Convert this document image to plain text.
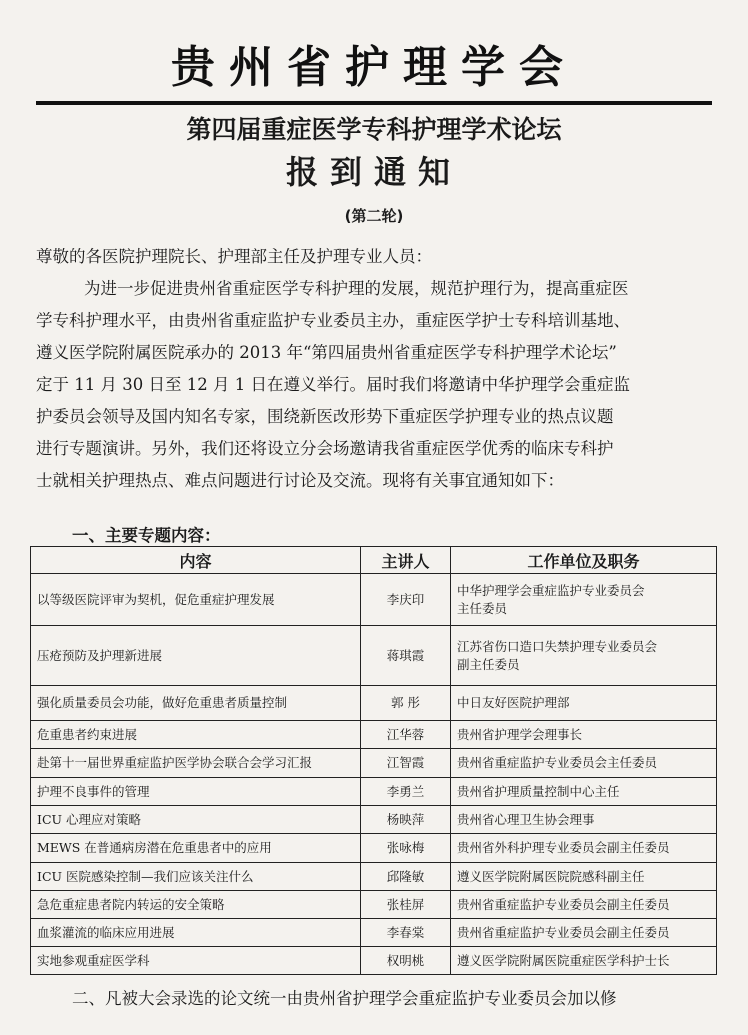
贵州省护理学会
第四届重症医学专科护理学术论坛
报到通知
(第二轮)
尊敬的各医院护理院长、护理部主任及护理专业人员：
为进一步促进贵州省重症医学专科护理的发展，规范护理行为，提高重症医
学专科护理水平，由贵州省重症监护专业委员主办，重症医学护士专科培训基地、
遵义医学院附属医院承办的 2013 年“第四届贵州省重症医学专科护理学术论坛”
定于 11 月 30 日至 12 月 1 日在遵义举行。届时我们将邀请中华护理学会重症监
护委员会领导及国内知名专家，围绕新医改形势下重症医学护理专业的热点议题
进行专题演讲。另外，我们还将设立分会场邀请我省重症医学优秀的临床专科护
士就相关护理热点、难点问题进行讨论及交流。现将有关事宜通知如下：
一、主要专题内容：
内容	主讲人	工作单位及职务
以等级医院评审为契机，促危重症护理发展	李庆印	中华护理学会重症监护专业委员会
主任委员

压疮预防及护理新进展	蒋琪霞	江苏省伤口造口失禁护理专业委员会
副主任委员

强化质量委员会功能，做好危重患者质量控制	郭 彤	中日友好医院护理部
危重患者约束进展	江华蓉	贵州省护理学会理事长
赴第十一届世界重症监护医学协会联合会学习汇报	江智霞	贵州省重症监护专业委员会主任委员
护理不良事件的管理	李勇兰	贵州省护理质量控制中心主任
ICU 心理应对策略	杨映萍	贵州省心理卫生协会理事
MEWS 在普通病房潜在危重患者中的应用	张咏梅	贵州省外科护理专业委员会副主任委员
ICU 医院感染控制—我们应该关注什么	邱隆敏	遵义医学院附属医院院感科副主任
急危重症患者院内转运的安全策略	张桂屏	贵州省重症监护专业委员会副主任委员
血浆灌流的临床应用进展	李春棠	贵州省重症监护专业委员会副主任委员
实地参观重症医学科	权明桃	遵义医学院附属医院重症医学科护士长
二、凡被大会录选的论文统一由贵州省护理学会重症监护专业委员会加以修
